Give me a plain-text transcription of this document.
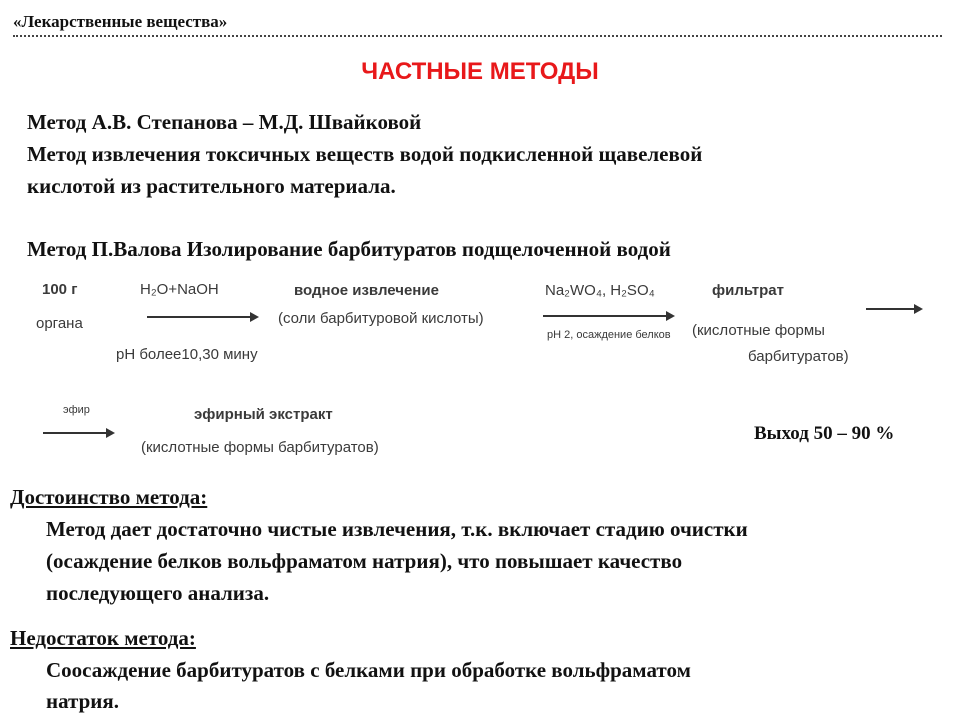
«Лекарственные вещества»
ЧАСТНЫЕ МЕТОДЫ
Метод А.В. Степанова – М.Д. Швайковой
Метод извлечения токсичных веществ водой подкисленной щавелевой
кислотой из растительного материала.
Метод П.Валова Изолирование барбитуратов подщелоченной водой
100 г
органа
H₂O+NaOH
pH более10,30 мину
водное извлечение
(соли барбитуровой кислоты)
Na₂WO₄, H₂SO₄
pH 2, осаждение белков
фильтрат
(кислотные формы
барбитуратов)
эфир	эфирный экстракт
(кислотные формы барбитуратов)
Выход 50 – 90 %
Достоинство метода:
Метод дает достаточно чистые извлечения, т.к. включает стадию очистки
(осаждение белков вольфраматом натрия), что повышает качество
последующего анализа.
Недостаток метода:
Соосаждение барбитуратов с белками при обработке вольфраматом
натрия.
